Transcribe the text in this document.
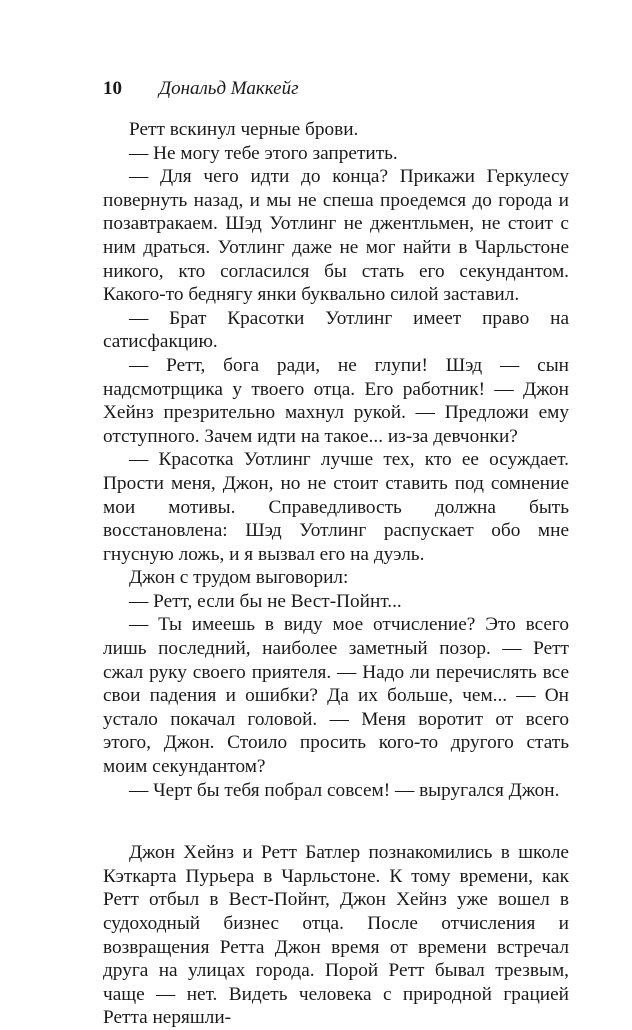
10 Дональд Маккейг

Ретт вскинул черные брови.

— Не могу тебе этого запретить.

— Для чего идти до конца? Прикажи Геркулесу повернуть назад, и мы не спеша проедемся до города и позавтракаем. Шэд Уотлинг не джентльмен, не стоит с ним драться. Уотлинг даже не мог найти в Чарльстоне никого, кто согласился бы стать его секундантом. Какого-то беднягу янки буквально силой заставил.

— Брат Красотки Уотлинг имеет право на сатисфакцию.

— Ретт, бога ради, не глупи! Шэд — сын надсмотрщика у твоего отца. Его работник! — Джон Хейнз презрительно махнул рукой. — Предложи ему отступного. Зачем идти на такое... из-за девчонки?

— Красотка Уотлинг лучше тех, кто ее осуждает. Прости меня, Джон, но не стоит ставить под сомнение мои мотивы. Справедливость должна быть восстановлена: Шэд Уотлинг распускает обо мне гнусную ложь, и я вызвал его на дуэль.

Джон с трудом выговорил:

— Ретт, если бы не Вест-Пойнт...

— Ты имеешь в виду мое отчисление? Это всего лишь последний, наиболее заметный позор. — Ретт сжал руку своего приятеля. — Надо ли перечислять все свои падения и ошибки? Да их больше, чем... — Он устало покачал головой. — Меня воротит от всего этого, Джон. Стоило просить кого-то другого стать моим секундантом?

— Черт бы тебя побрал совсем! — выругался Джон.

Джон Хейнз и Ретт Батлер познакомились в школе Кэткарта Пурьера в Чарльстоне. К тому времени, как Ретт отбыл в Вест-Пойнт, Джон Хейнз уже вошел в судоходный бизнес отца. После отчисления и возвращения Ретта Джон время от времени встречал друга на улицах города. Порой Ретт бывал трезвым, чаще — нет. Видеть человека с природной грацией Ретта неряшли-
